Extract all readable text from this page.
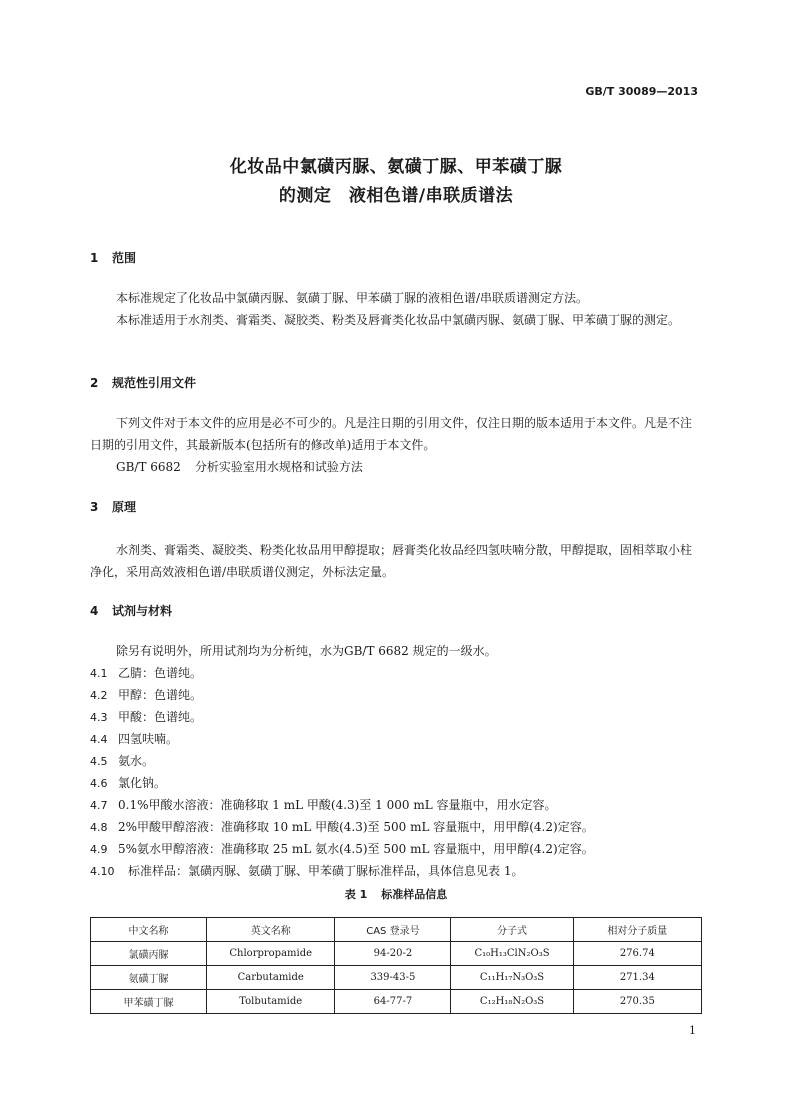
GB/T 30089—2013
化妆品中氯磺丙脲、氨磺丁脲、甲苯磺丁脲
的测定　液相色谱/串联质谱法
1 范围
本标准规定了化妆品中氯磺丙脲、氨磺丁脲、甲苯磺丁脲的液相色谱/串联质谱测定方法。
本标准适用于水剂类、膏霜类、凝胶类、粉类及唇膏类化妆品中氯磺丙脲、氨磺丁脲、甲苯磺丁脲的测定。
2 规范性引用文件
下列文件对于本文件的应用是必不可少的。凡是注日期的引用文件，仅注日期的版本适用于本文件。凡是不注日期的引用文件，其最新版本(包括所有的修改单)适用于本文件。
GB/T 6682 分析实验室用水规格和试验方法
3 原理
水剂类、膏霜类、凝胶类、粉类化妆品用甲醇提取；唇膏类化妆品经四氢呋喃分散，甲醇提取，固相萃取小柱净化，采用高效液相色谱/串联质谱仪测定，外标法定量。
4 试剂与材料
除另有说明外，所用试剂均为分析纯，水为GB/T 6682 规定的一级水。
4.1 乙腈：色谱纯。
4.2 甲醇：色谱纯。
4.3 甲酸：色谱纯。
4.4 四氢呋喃。
4.5 氨水。
4.6 氯化钠。
4.7 0.1%甲酸水溶液：准确移取 1 mL 甲酸(4.3)至 1 000 mL 容量瓶中，用水定容。
4.8 2%甲酸甲醇溶液：准确移取 10 mL 甲酸(4.3)至 500 mL 容量瓶中，用甲醇(4.2)定容。
4.9 5%氨水甲醇溶液：准确移取 25 mL 氨水(4.5)至 500 mL 容量瓶中，用甲醇(4.2)定容。
4.10 标准样品：氯磺丙脲、氨磺丁脲、甲苯磺丁脲标准样品，具体信息见表 1。
表 1 标准样品信息
中文名称	英文名称	CAS 登录号	分子式	相对分子质量
氯磺丙脲	Chlorpropamide	94-20-2	C₁₀H₁₃ClN₂O₃S	276.74
氨磺丁脲	Carbutamide	339-43-5	C₁₁H₁₇N₃O₃S	271.34
甲苯磺丁脲	Tolbutamide	64-77-7	C₁₂H₁₈N₂O₃S	270.35
1
